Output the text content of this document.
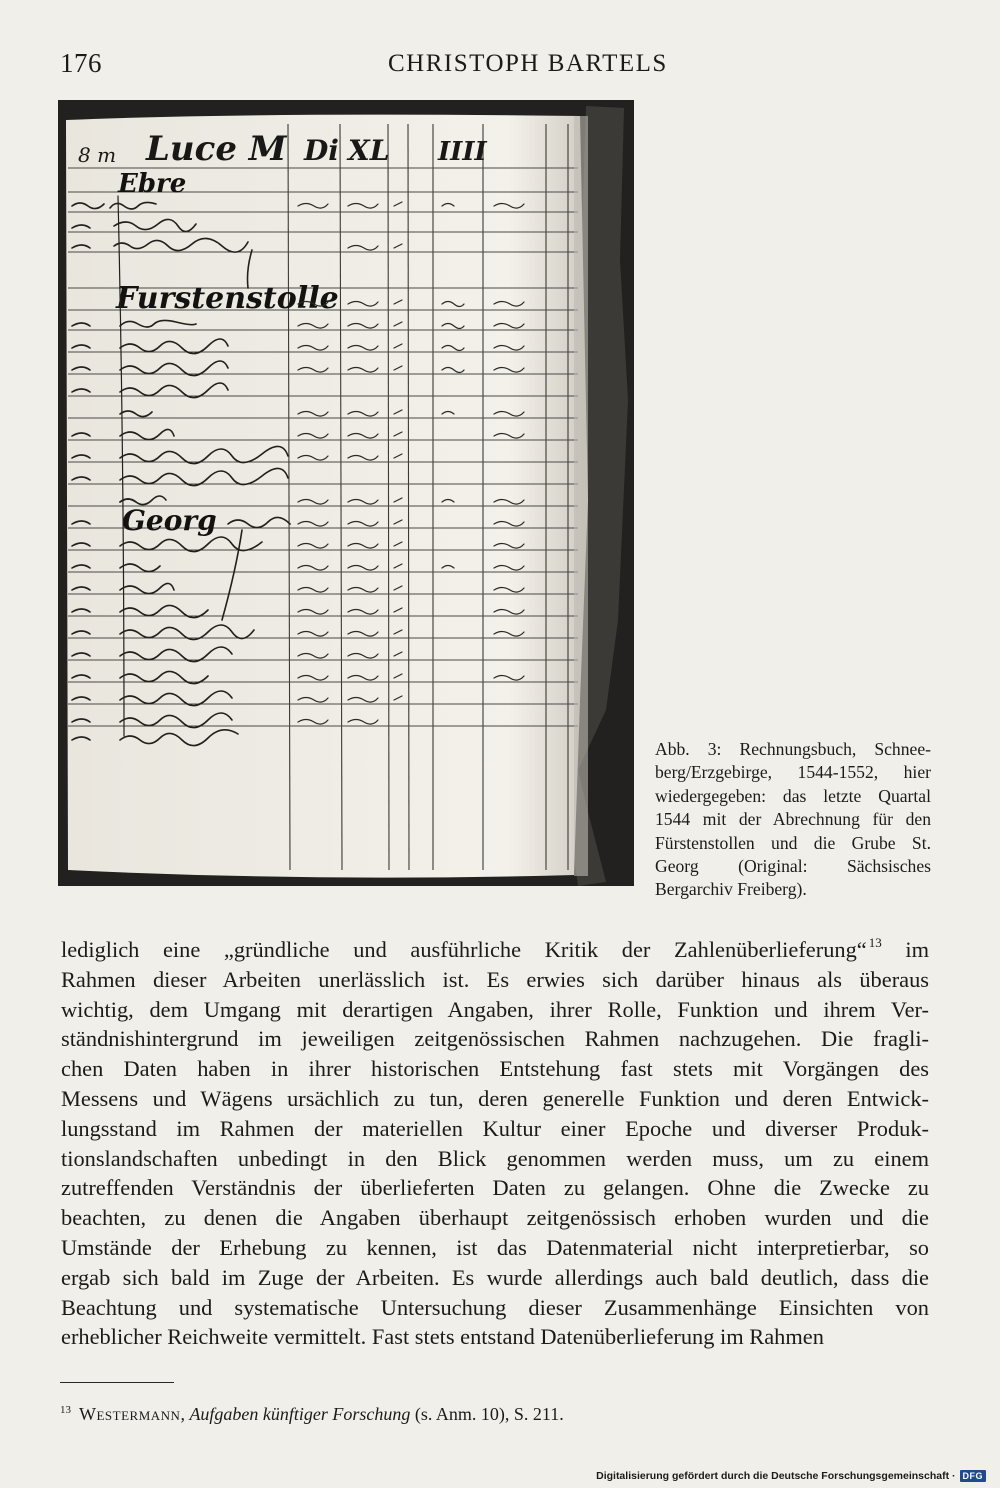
176	CHRISTOPH BARTELS
8 m Luce M Di XL IIII
Ebre
Furstenstolle
Georg
Abb. 3: Rechnungsbuch, Schnee-
berg/Erzgebirge, 1544-1552, hier
wiedergegeben: das letzte Quartal
1544 mit der Abrechnung für den
Fürstenstollen und die Grube St.
Georg (Original: Sächsisches
Bergarchiv Freiberg).
lediglich eine „gründliche und ausführliche Kritik der Zahlenüberlieferung“ $^{13}$ im
Rahmen dieser Arbeiten unerlässlich ist. Es erwies sich darüber hinaus als überaus
wichtig, dem Umgang mit derartigen Angaben, ihrer Rolle, Funktion und ihrem Ver-
ständnishintergrund im jeweiligen zeitgenössischen Rahmen nachzugehen. Die fragli-
chen Daten haben in ihrer historischen Entstehung fast stets mit Vorgängen des
Messens und Wägens ursächlich zu tun, deren generelle Funktion und deren Entwick-
lungsstand im Rahmen der materiellen Kultur einer Epoche und diverser Produk-
tionslandschaften unbedingt in den Blick genommen werden muss, um zu einem
zutreffenden Verständnis der überlieferten Daten zu gelangen. Ohne die Zwecke zu
beachten, zu denen die Angaben überhaupt zeitgenössisch erhoben wurden und die
Umstände der Erhebung zu kennen, ist das Datenmaterial nicht interpretierbar, so
ergab sich bald im Zuge der Arbeiten. Es wurde allerdings auch bald deutlich, dass die
Beachtung und systematische Untersuchung dieser Zusammenhänge Einsichten von
erheblicher Reichweite vermittelt. Fast stets entstand Datenüberlieferung im Rahmen
$^{13}$ Westermann, Aufgaben künftiger Forschung (s. Anm. 10), S. 211.
Digitalisierung gefördert durch die Deutsche Forschungsgemeinschaft · DFG
